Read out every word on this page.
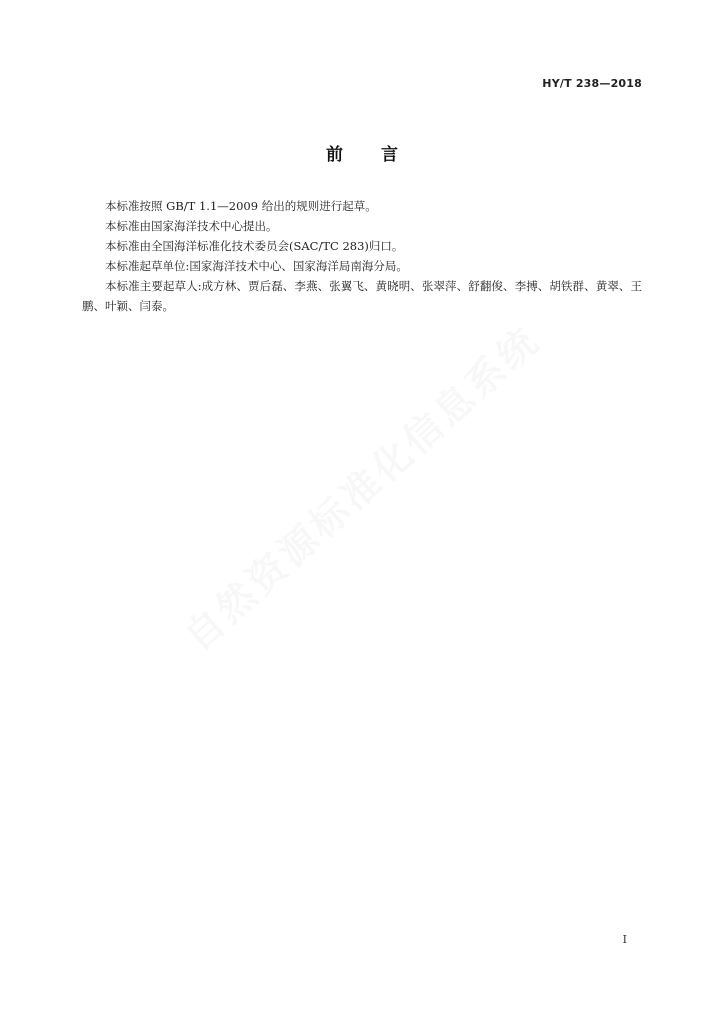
HY/T 238—2018
前言

本标准按照 GB/T 1.1—2009 给出的规则进行起草。

本标准由国家海洋技术中心提出。

本标准由全国海洋标准化技术委员会(SAC/TC 283)归口。

本标准起草单位:国家海洋技术中心、国家海洋局南海分局。

本标准主要起草人:成方林、贾后磊、李燕、张翼飞、黄晓明、张翠萍、舒翻俊、李搏、胡铁群、黄翠、王鹏、叶颖、闫泰。

自然资源标准化信息系统
I
